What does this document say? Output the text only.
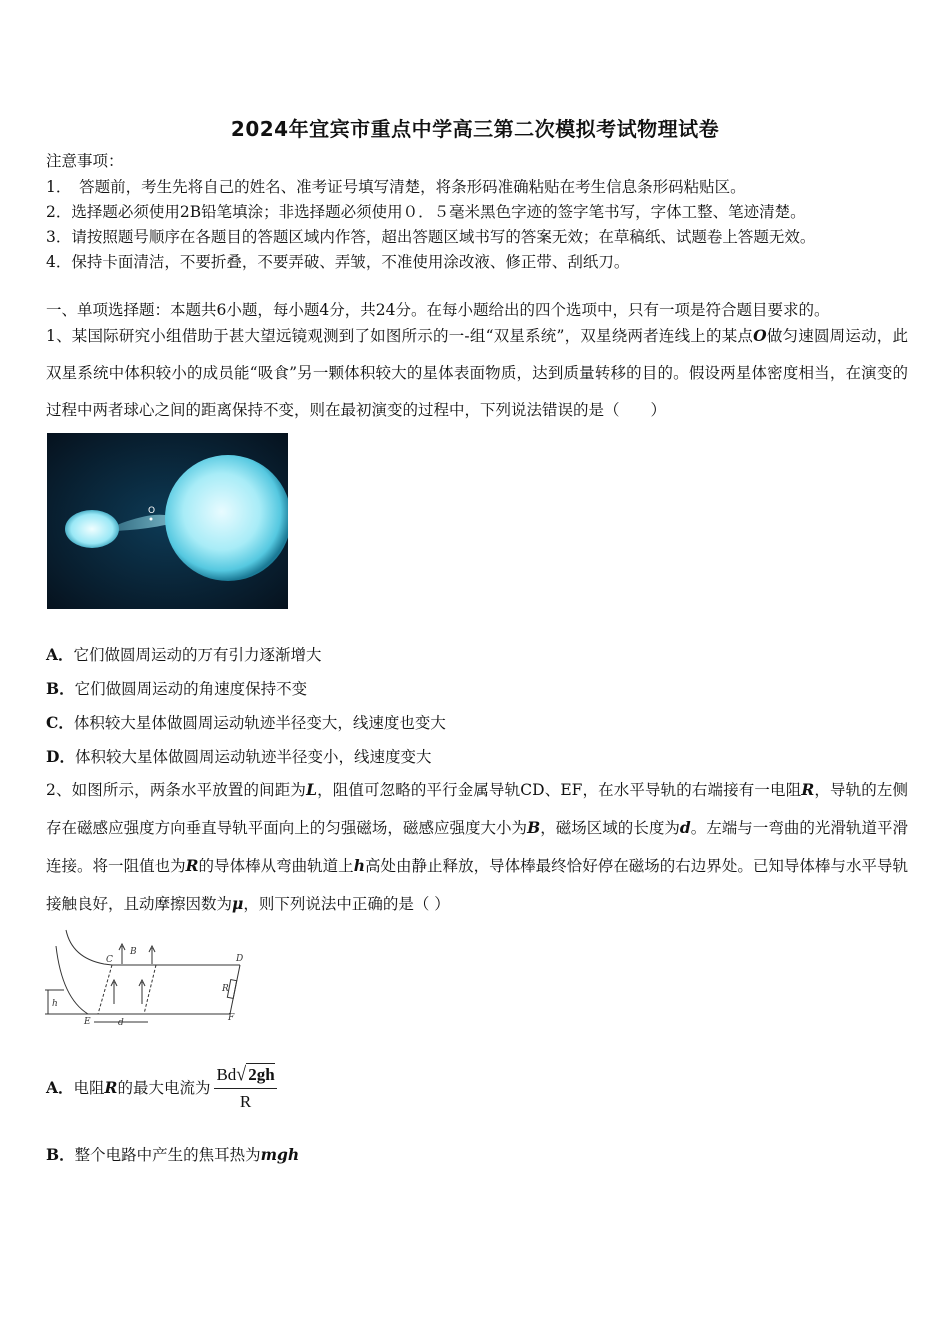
2024年宜宾市重点中学高三第二次模拟考试物理试卷
注意事项：
1．　答题前，考生先将自己的姓名、准考证号填写清楚，将条形码准确粘贴在考生信息条形码粘贴区。
2．选择题必须使用2B铅笔填涂；非选择题必须使用０．５毫米黑色字迹的签字笔书写，字体工整、笔迹清楚。
3．请按照题号顺序在各题目的答题区域内作答，超出答题区域书写的答案无效；在草稿纸、试题卷上答题无效。
4．保持卡面清洁，不要折叠，不要弄破、弄皱，不准使用涂改液、修正带、刮纸刀。
一、单项选择题：本题共6小题，每小题4分，共24分。在每小题给出的四个选项中，只有一项是符合题目要求的。
1、某国际研究小组借助于甚大望远镜观测到了如图所示的一-组“双星系统”，双星绕两者连线上的某点O做匀速圆周运动，此双星系统中体积较小的成员能“吸食”另一颗体积较大的星体表面物质，达到质量转移的目的。假设两星体密度相当，在演变的过程中两者球心之间的距离保持不变，则在最初演变的过程中，下列说法错误的是（　　）
O
A．它们做圆周运动的万有引力逐渐增大
B．它们做圆周运动的角速度保持不变
C．体积较大星体做圆周运动轨迹半径变大，线速度也变大
D．体积较大星体做圆周运动轨迹半径变小，线速度变大
2、如图所示，两条水平放置的间距为L，阻值可忽略的平行金属导轨CD、EF，在水平导轨的右端接有一电阻R，导轨的左侧存在磁感应强度方向垂直导轨平面向上的匀强磁场，磁感应强度大小为B，磁场区域的长度为d。左端与一弯曲的光滑轨道平滑连接。将一阻值也为R的导体棒从弯曲轨道上h高处由静止释放，导体棒最终恰好停在磁场的右边界处。已知导体棒与水平导轨接触良好，且动摩擦因数为μ，则下列说法中正确的是（ ）
C
B
D
R
h
E	d	F
A．电阻R的最大电流为 $\frac{Bd√ 2gh}{R}$
B．整个电路中产生的焦耳热为mgh
